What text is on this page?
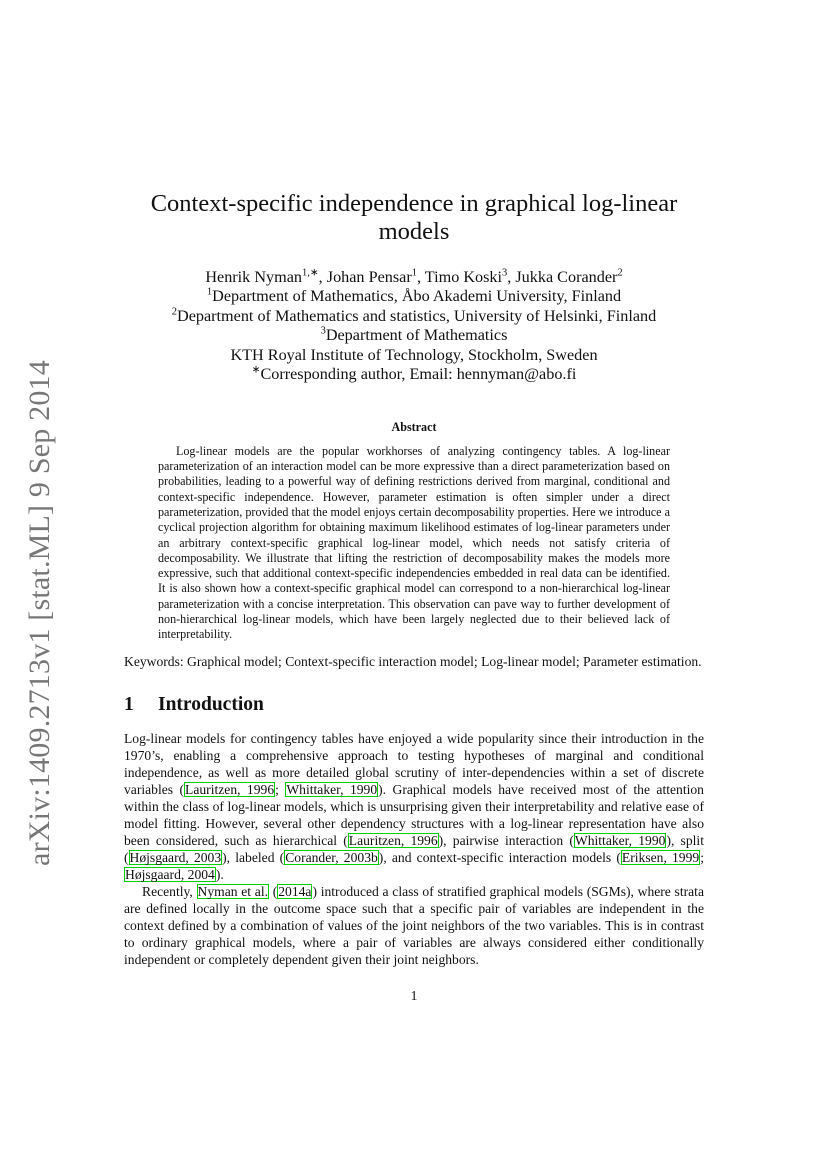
arXiv:1409.2713v1 [stat.ML] 9 Sep 2014
Context-specific independence in graphical log-linear models
Henrik Nyman$^{1,∗}$, Johan Pensar$^1$, Timo Koski$^3$, Jukka Corander$^2$
$^1$Department of Mathematics, Åbo Akademi University, Finland
$^2$Department of Mathematics and statistics, University of Helsinki, Finland
$^3$Department of Mathematics
KTH Royal Institute of Technology, Stockholm, Sweden
∗Corresponding author, Email: hennyman@abo.fi
Abstract

Log-linear models are the popular workhorses of analyzing contingency tables. A log-linear parameterization of an interaction model can be more expressive than a direct parameterization based on probabilities, leading to a powerful way of defining restrictions derived from marginal, conditional and context-specific independence. However, parameter estimation is often simpler under a direct parameterization, provided that the model enjoys certain decomposability properties. Here we introduce a cyclical projection algorithm for obtaining maximum likelihood estimates of log-linear parameters under an arbitrary context-specific graphical log-linear model, which needs not satisfy criteria of decomposability. We illustrate that lifting the restriction of decomposability makes the models more expressive, such that additional context-specific independencies embedded in real data can be identified. It is also shown how a context-specific graphical model can correspond to a non-hierarchical log-linear parameterization with a concise interpretation. This observation can pave way to further development of non-hierarchical log-linear models, which have been largely neglected due to their believed lack of interpretability.

Keywords: Graphical model; Context-specific interaction model; Log-linear model; Parameter estimation.
1	Introduction

Log-linear models for contingency tables have enjoyed a wide popularity since their introduction in the 1970’s, enabling a comprehensive approach to testing hypotheses of marginal and conditional independence, as well as more detailed global scrutiny of inter-dependencies within a set of discrete variables (Lauritzen, 1996; Whittaker, 1990). Graphical models have received most of the attention within the class of log-linear models, which is unsurprising given their interpretability and relative ease of model fitting. However, several other dependency structures with a log-linear representation have also been considered, such as hierarchical (Lauritzen, 1996), pairwise interaction (Whittaker, 1990), split (Højsgaard, 2003), labeled (Corander, 2003b), and context-specific interaction models (Eriksen, 1999; Højsgaard, 2004).

Recently, Nyman et al. (2014a) introduced a class of stratified graphical models (SGMs), where strata are defined locally in the outcome space such that a specific pair of variables are independent in the context defined by a combination of values of the joint neighbors of the two variables. This is in contrast to ordinary graphical models, where a pair of variables are always considered either conditionally independent or completely dependent given their joint neighbors.

1
